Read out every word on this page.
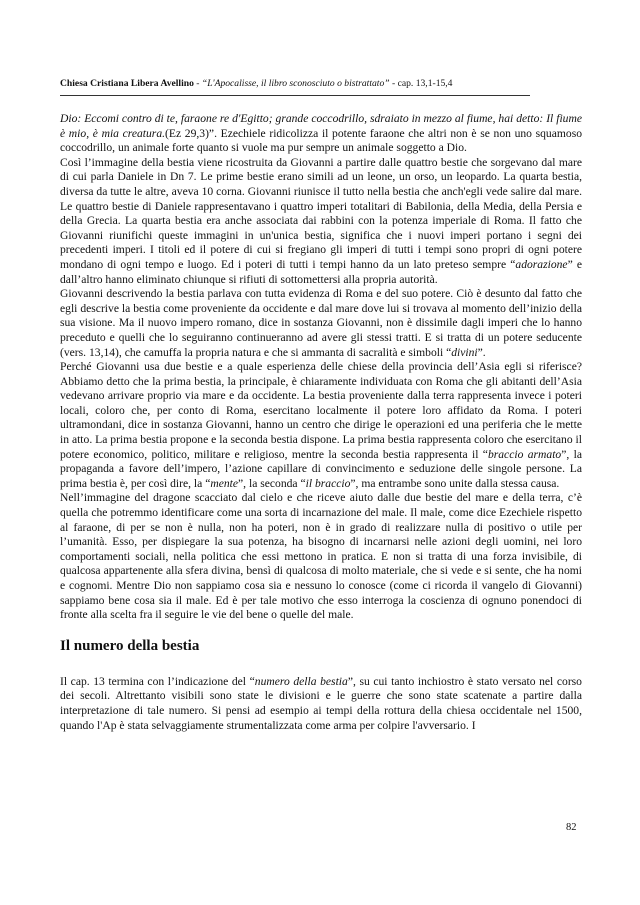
Chiesa Cristiana Libera Avellino - “L'Apocalisse, il libro sconosciuto o bistrattato” - cap. 13,1-15,4

Dio: Eccomi contro di te, faraone re d'Egitto; grande coccodrillo, sdraiato in mezzo al fiume, hai detto: Il fiume è mio, è mia creatura.(Ez 29,3)”. Ezechiele ridicolizza il potente faraone che altri non è se non uno squamoso coccodrillo, un animale forte quanto si vuole ma pur sempre un animale soggetto a Dio.

Così l’immagine della bestia viene ricostruita da Giovanni a partire dalle quattro bestie che sorgevano dal mare di cui parla Daniele in Dn 7. Le prime bestie erano simili ad un leone, un orso, un leopardo. La quarta bestia, diversa da tutte le altre, aveva 10 corna. Giovanni riunisce il tutto nella bestia che anch'egli vede salire dal mare. Le quattro bestie di Daniele rappresentavano i quattro imperi totalitari di Babilonia, della Media, della Persia e della Grecia. La quarta bestia era anche associata dai rabbini con la potenza imperiale di Roma. Il fatto che Giovanni riunifichi queste immagini in un'unica bestia, significa che i nuovi imperi portano i segni dei precedenti imperi. I titoli ed il potere di cui si fregiano gli imperi di tutti i tempi sono propri di ogni potere mondano di ogni tempo e luogo. Ed i poteri di tutti i tempi hanno da un lato preteso sempre “adorazione” e dall’altro hanno eliminato chiunque si rifiuti di sottomettersi alla propria autorità.

Giovanni descrivendo la bestia parlava con tutta evidenza di Roma e del suo potere. Ciò è desunto dal fatto che egli descrive la bestia come proveniente da occidente e dal mare dove lui si trovava al momento dell’inizio della sua visione. Ma il nuovo impero romano, dice in sostanza Giovanni, non è dissimile dagli imperi che lo hanno preceduto e quelli che lo seguiranno continueranno ad avere gli stessi tratti. E si tratta di un potere seducente (vers. 13,14), che camuffa la propria natura e che si ammanta di sacralità e simboli “divini”.

Perché Giovanni usa due bestie e a quale esperienza delle chiese della provincia dell’Asia egli si riferisce? Abbiamo detto che la prima bestia, la principale, è chiaramente individuata con Roma che gli abitanti dell’Asia vedevano arrivare proprio via mare e da occidente. La bestia proveniente dalla terra rappresenta invece i poteri locali, coloro che, per conto di Roma, esercitano localmente il potere loro affidato da Roma. I poteri ultramondani, dice in sostanza Giovanni, hanno un centro che dirige le operazioni ed una periferia che le mette in atto. La prima bestia propone e la seconda bestia dispone. La prima bestia rappresenta coloro che esercitano il potere economico, politico, militare e religioso, mentre la seconda bestia rappresenta il “braccio armato”, la propaganda a favore dell’impero, l’azione capillare di convincimento e seduzione delle singole persone. La prima bestia è, per così dire, la “mente”, la seconda “il braccio”, ma entrambe sono unite dalla stessa causa.

Nell’immagine del dragone scacciato dal cielo e che riceve aiuto dalle due bestie del mare e della terra, c’è quella che potremmo identificare come una sorta di incarnazione del male. Il male, come dice Ezechiele rispetto al faraone, di per se non è nulla, non ha poteri, non è in grado di realizzare nulla di positivo o utile per l’umanità. Esso, per dispiegare la sua potenza, ha bisogno di incarnarsi nelle azioni degli uomini, nei loro comportamenti sociali, nella politica che essi mettono in pratica. E non si tratta di una forza invisibile, di qualcosa appartenente alla sfera divina, bensì di qualcosa di molto materiale, che si vede e si sente, che ha nomi e cognomi. Mentre Dio non sappiamo cosa sia e nessuno lo conosce (come ci ricorda il vangelo di Giovanni) sappiamo bene cosa sia il male. Ed è per tale motivo che esso interroga la coscienza di ognuno ponendoci di fronte alla scelta fra il seguire le vie del bene o quelle del male.

Il numero della bestia

Il cap. 13 termina con l’indicazione del “numero della bestia”, su cui tanto inchiostro è stato versato nel corso dei secoli. Altrettanto visibili sono state le divisioni e le guerre che sono state scatenate a partire dalla interpretazione di tale numero. Si pensi ad esempio ai tempi della rottura della chiesa occidentale nel 1500, quando l'Ap è stata selvaggiamente strumentalizzata come arma per colpire l'avversario. I

82
